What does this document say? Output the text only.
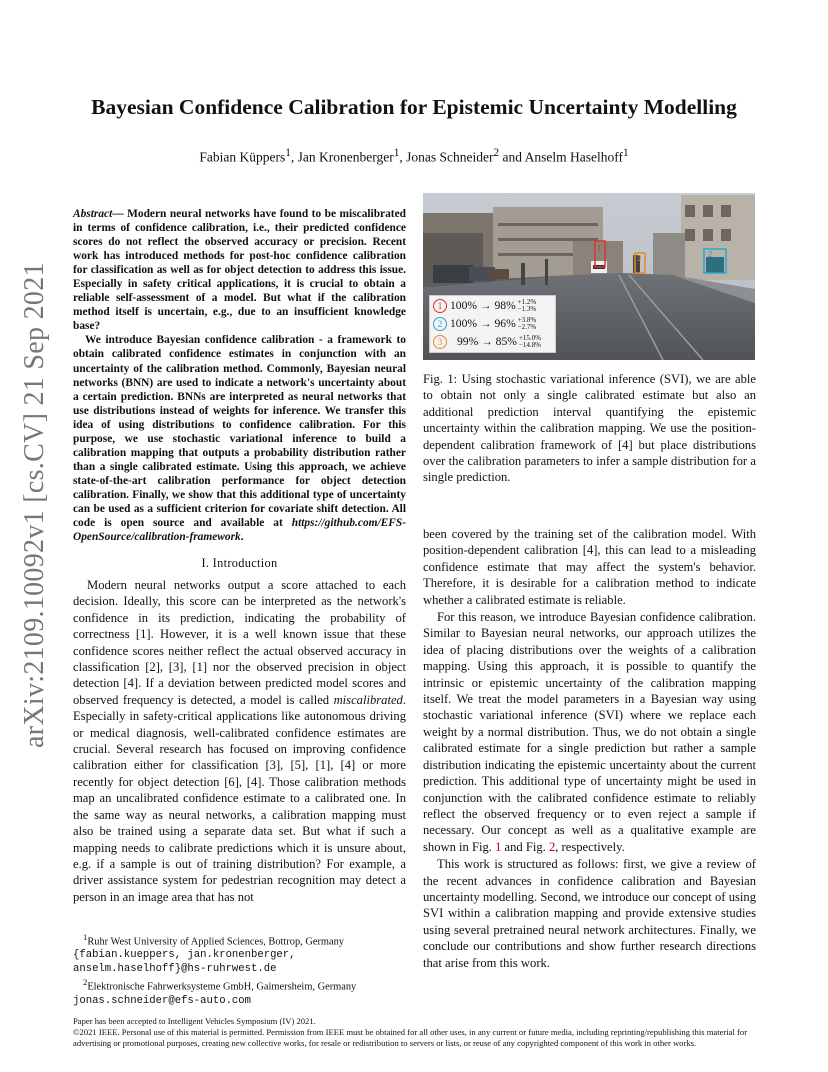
arXiv:2109.10092v1 [cs.CV] 21 Sep 2021
Bayesian Confidence Calibration for Epistemic Uncertainty Modelling
Fabian Küppers$^1$, Jan Kronenberger$^1$, Jonas Schneider$^2$ and Anselm Haselhoff$^1$

Abstract— Modern neural networks have found to be miscalibrated in terms of confidence calibration, i.e., their predicted confidence scores do not reflect the observed accuracy or precision. Recent work has introduced methods for post-hoc confidence calibration for classification as well as for object detection to address this issue. Especially in safety critical applications, it is crucial to obtain a reliable self-assessment of a model. But what if the calibration method itself is uncertain, e.g., due to an insufficient knowledge base?

We introduce Bayesian confidence calibration - a framework to obtain calibrated confidence estimates in conjunction with an uncertainty of the calibration method. Commonly, Bayesian neural networks (BNN) are used to indicate a network's uncertainty about a certain prediction. BNNs are interpreted as neural networks that use distributions instead of weights for inference. We transfer this idea of using distributions to confidence calibration. For this purpose, we use stochastic variational inference to build a calibration mapping that outputs a probability distribution rather than a single calibrated estimate. Using this approach, we achieve state-of-the-art calibration performance for object detection calibration. Finally, we show that this additional type of uncertainty can be used as a sufficient criterion for covariate shift detection. All code is open source and available at https://github.com/EFS-OpenSource/calibration-framework.

I. Introduction

Modern neural networks output a score attached to each decision. Ideally, this score can be interpreted as the network's confidence in its prediction, indicating the probability of correctness [1]. However, it is a well known issue that these confidence scores neither reflect the actual observed accuracy in classification [2], [3], [1] nor the observed precision in object detection [4]. If a deviation between predicted model scores and observed frequency is detected, a model is called miscalibrated. Especially in safety-critical applications like autonomous driving or medical diagnosis, well-calibrated confidence estimates are crucial. Several research has focused on improving confidence calibration either for classification [3], [5], [1], [4] or more recently for object detection [6], [4]. Those calibration methods map an uncalibrated confidence estimate to a calibrated one. In the same way as neural networks, a calibration mapping must also be trained using a separate data set. But what if such a mapping needs to calibrate predictions which it is unsure about, e.g. if a sample is out of training distribution? For example, a driver assistance system for pedestrian recognition may detect a person in an image area that has not

$^1$Ruhr West University of Applied Sciences, Bottrop, Germany {fabian.kueppers, jan.kronenberger, anselm.haselhoff}@hs-ruhrwest.de

$^2$Elektronische Fahrwerksysteme GmbH, Gaimersheim, Germany jonas.schneider@efs-auto.com

1
3	2
1 100%
→
98% +1.2%
−1.3%
2 100%
→
96% +3.8%
−2.7%
3	99%
→
85% +15.0%
−14.8%

Fig. 1: Using stochastic variational inference (SVI), we are able to obtain not only a single calibrated estimate but also an additional prediction interval quantifying the epistemic uncertainty within the calibration mapping. We use the position-dependent calibration framework of [4] but place distributions over the calibration parameters to infer a sample distribution for a single prediction.

been covered by the training set of the calibration model. With position-dependent calibration [4], this can lead to a misleading confidence estimate that may affect the system's behavior. Therefore, it is desirable for a calibration method to indicate whether a calibrated estimate is reliable.

For this reason, we introduce Bayesian confidence calibration. Similar to Bayesian neural networks, our approach utilizes the idea of placing distributions over the weights of a calibration mapping. Using this approach, it is possible to quantify the intrinsic or epistemic uncertainty of the calibration mapping itself. We treat the model parameters in a Bayesian way using stochastic variational inference (SVI) where we replace each weight by a normal distribution. Thus, we do not obtain a single calibrated estimate for a single prediction but rather a sample distribution indicating the epistemic uncertainty about the current prediction. This additional type of uncertainty might be used in conjunction with the calibrated confidence estimate to reliably reflect the observed frequency or to even reject a sample if necessary. Our concept as well as a qualitative example are shown in Fig. 1 and Fig. 2, respectively.

This work is structured as follows: first, we give a review of the recent advances in confidence calibration and Bayesian uncertainty modelling. Second, we introduce our concept of using SVI within a calibration mapping and provide extensive studies using several pretrained neural network architectures. Finally, we conclude our contributions and show further research directions that arise from this work.

Paper has been accepted to Intelligent Vehicles Symposium (IV) 2021.

©2021 IEEE. Personal use of this material is permitted. Permission from IEEE must be obtained for all other uses, in any current or future media, including reprinting/republishing this material for advertising or promotional purposes, creating new collective works, for resale or redistribution to servers or lists, or reuse of any copyrighted component of this work in other works.
